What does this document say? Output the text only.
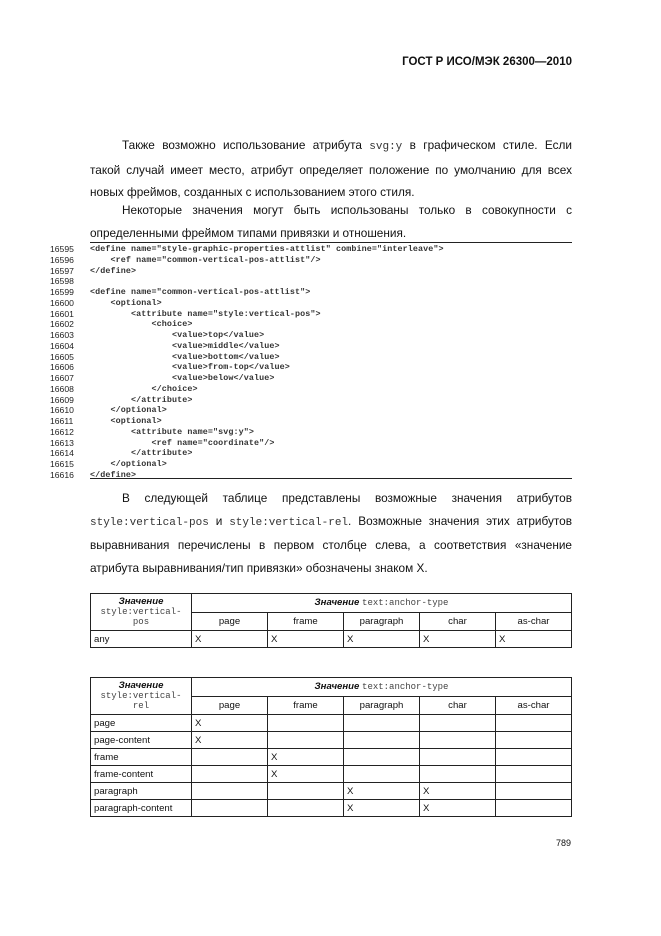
ГОСТ Р ИСО/МЭК 26300—2010
Также возможно использование атрибута svg:y в графическом стиле. Если такой случай имеет место, атрибут определяет положение по умолчанию для всех новых фреймов, созданных с использованием этого стиля.
Некоторые значения могут быть использованы только в совокупности с определенными фреймом типами привязки и отношения.
16595	<define name="style-graphic-properties-attlist" combine="interleave">
16596	<ref name="common-vertical-pos-attlist"/>
16597	</define>
16598
16599	<define name="common-vertical-pos-attlist">
16600	<optional>
16601	<attribute name="style:vertical-pos">
16602	<choice>
16603	<value>top</value>
16604	<value>middle</value>
16605	<value>bottom</value>
16606	<value>from-top</value>
16607	<value>below</value>
16608	</choice>
16609	</attribute>
16610	</optional>
16611	<optional>
16612	<attribute name="svg:y">
16613	<ref name="coordinate"/>
16614	</attribute>
16615	</optional>
16616	</define>
В следующей таблице представлены возможные значения атрибутов style:vertical-pos и style:vertical-rel. Возможные значения этих атрибутов выравнивания перечислены в первом столбце слева, а соответствия «значение атрибута выравнивания/тип привязки» обозначены знаком X.
Значение
style:vertical-pos	Значение text:anchor-type				
	page	frame	paragraph	char	as-char
any	X	X	X	X	X
Значение
style:vertical-rel	Значение text:anchor-type				
	page	frame	paragraph	char	as-char
page	X				
page-content	X				
frame		X			
frame-content		X			
paragraph			X	X	
paragraph-content			X	X	
789
